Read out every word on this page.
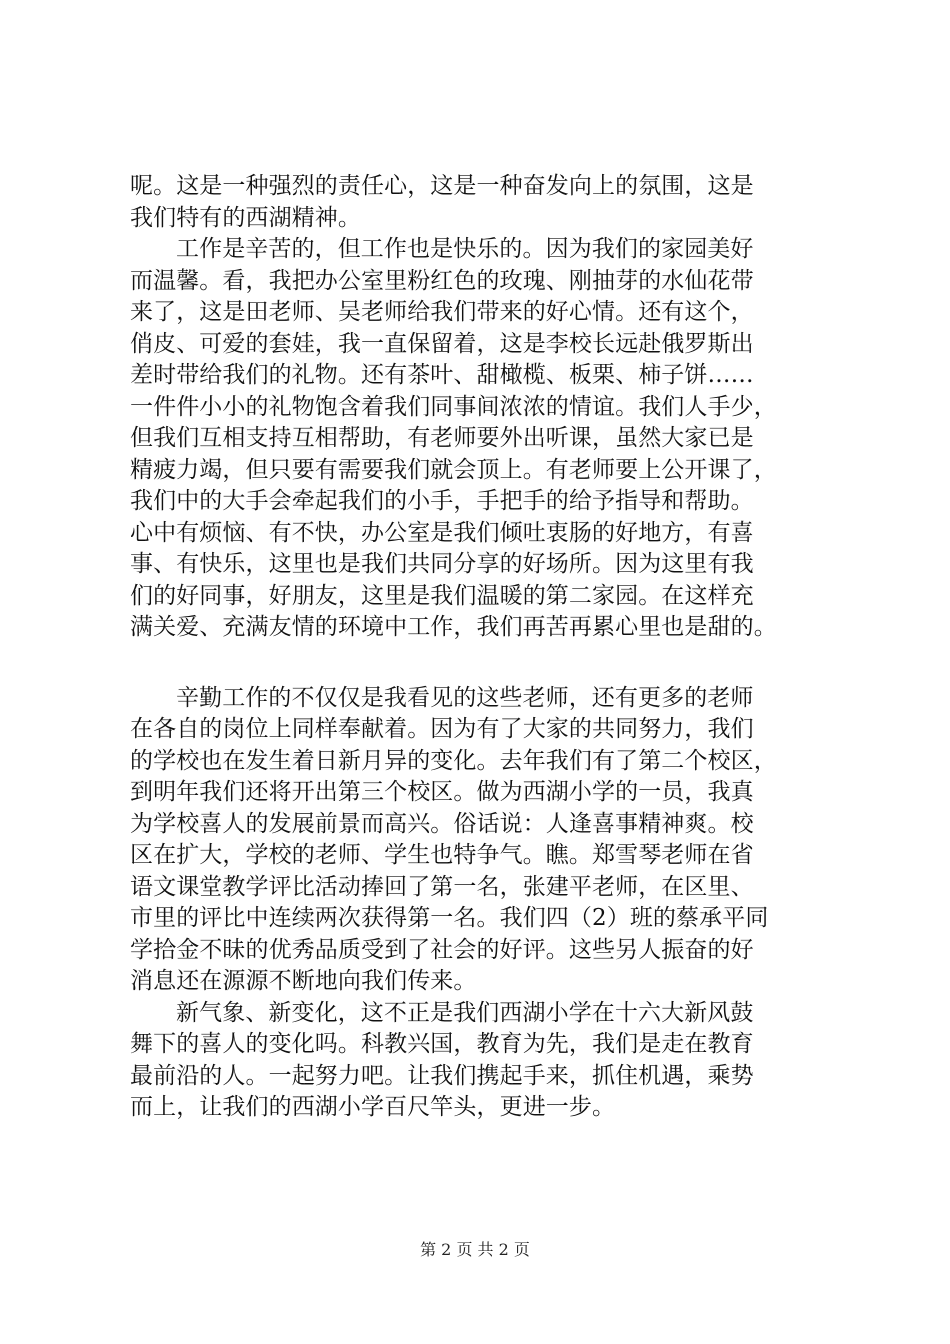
呢。这是一种强烈的责任心，这是一种奋发向上的氛围，这是
我们特有的西湖精神。
工作是辛苦的，但工作也是快乐的。因为我们的家园美好
而温馨。看，我把办公室里粉红色的玫瑰、刚抽芽的水仙花带
来了，这是田老师、吴老师给我们带来的好心情。还有这个，
俏皮、可爱的套娃，我一直保留着，这是李校长远赴俄罗斯出
差时带给我们的礼物。还有茶叶、甜橄榄、板栗、柿子饼……
一件件小小的礼物饱含着我们同事间浓浓的情谊。我们人手少，
但我们互相支持互相帮助，有老师要外出听课，虽然大家已是
精疲力竭，但只要有需要我们就会顶上。有老师要上公开课了，
我们中的大手会牵起我们的小手，手把手的给予指导和帮助。
心中有烦恼、有不快，办公室是我们倾吐衷肠的好地方，有喜
事、有快乐，这里也是我们共同分享的好场所。因为这里有我
们的好同事，好朋友，这里是我们温暖的第二家园。在这样充
满关爱、充满友情的环境中工作，我们再苦再累心里也是甜的。
辛勤工作的不仅仅是我看见的这些老师，还有更多的老师
在各自的岗位上同样奉献着。因为有了大家的共同努力，我们
的学校也在发生着日新月异的变化。去年我们有了第二个校区，
到明年我们还将开出第三个校区。做为西湖小学的一员，我真
为学校喜人的发展前景而高兴。俗话说：人逢喜事精神爽。校
区在扩大，学校的老师、学生也特争气。瞧。郑雪琴老师在省
语文课堂教学评比活动捧回了第一名，张建平老师，在区里、
市里的评比中连续两次获得第一名。我们四（2）班的蔡承平同
学拾金不昧的优秀品质受到了社会的好评。这些另人振奋的好
消息还在源源不断地向我们传来。
新气象、新变化，这不正是我们西湖小学在十六大新风鼓
舞下的喜人的变化吗。科教兴国，教育为先，我们是走在教育
最前沿的人。一起努力吧。让我们携起手来，抓住机遇，乘势
而上，让我们的西湖小学百尺竿头，更进一步。
第 2 页 共 2 页
